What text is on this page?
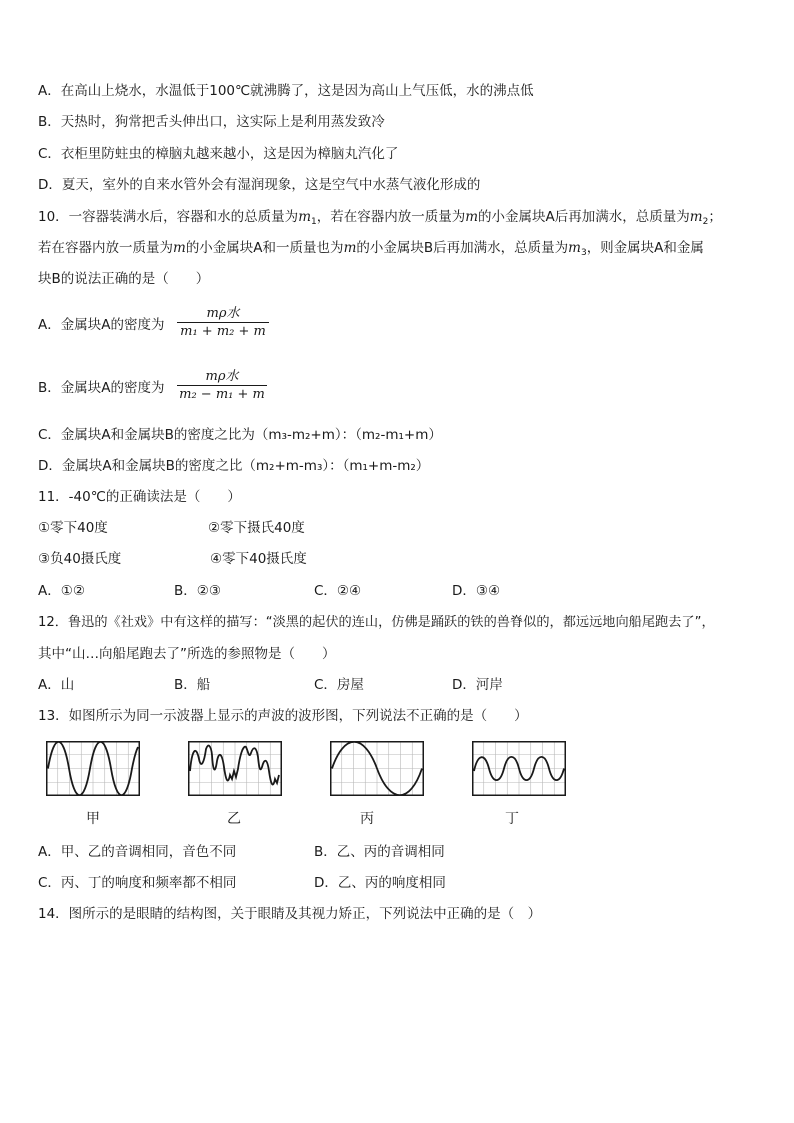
A．在高山上烧水，水温低于100℃就沸腾了，这是因为高山上气压低，水的沸点低
B．天热时，狗常把舌头伸出口，这实际上是利用蒸发致冷
C．衣柜里防蛀虫的樟脑丸越来越小，这是因为樟脑丸汽化了
D．夏天，室外的自来水管外会有湿润现象，这是空气中水蒸气液化形成的
10．一容器装满水后，容器和水的总质量为$m_1$，若在容器内放一质量为m的小金属块A后再加满水，总质量为$m_2$；
若在容器内放一质量为m的小金属块A和一质量也为m的小金属块B后再加满水，总质量为$m_3$，则金属块A和金属
块B的说法正确的是（　　）
A．金属块A的密度为
mρ水
m₁ + m₂ + m
B．金属块A的密度为
mρ水
m₂ − m₁ + m
C．金属块A和金属块B的密度之比为（m₃-m₂+m）：（m₂-m₁+m）
D．金属块A和金属块B的密度之比（m₂+m-m₃）：（m₁+m-m₂）
11．-40℃的正确读法是（　　）
①零下40度	②零下摄氏40度
③负40摄氏度	④零下40摄氏度
A．①②	B．②③	C．②④	D．③④
12．鲁迅的《社戏》中有这样的描写：“淡黑的起伏的连山，仿佛是踊跃的铁的兽脊似的，都远远地向船尾跑去了”，
其中“山…向船尾跑去了”所选的参照物是（　　）
A．山	B．船	C．房屋	D．河岸
13．如图所示为同一示波器上显示的声波的波形图，下列说法不正确的是（　　）
甲	乙	丙	丁
A．甲、乙的音调相同，音色不同	B．乙、丙的音调相同
C．丙、丁的响度和频率都不相同	D．乙、丙的响度相同
14．图所示的是眼睛的结构图，关于眼睛及其视力矫正，下列说法中正确的是（　）
